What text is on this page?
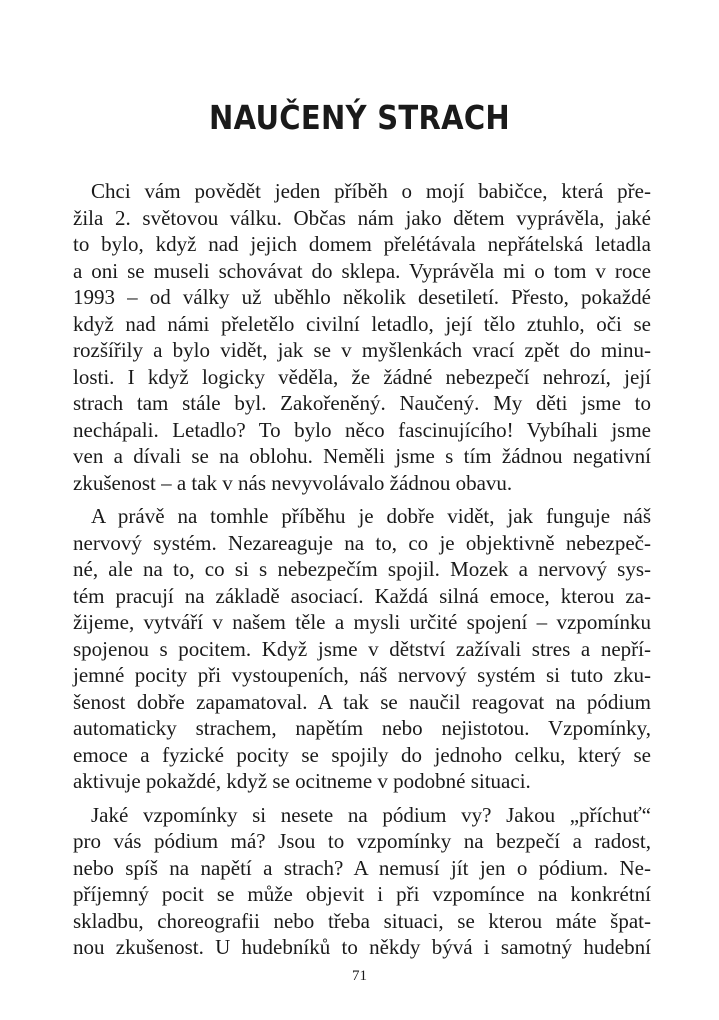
NAUČENÝ STRACH

Chci vám povědět jeden příběh o mojí babičce, která pře-
žila 2. světovou válku. Občas nám jako dětem vyprávěla, jaké
to bylo, když nad jejich domem přelétávala nepřátelská letadla
a oni se museli schovávat do sklepa. Vyprávěla mi o tom v roce
1993 – od války už uběhlo několik desetiletí. Přesto, pokaždé
když nad námi přeletělo civilní letadlo, její tělo ztuhlo, oči se
rozšířily a bylo vidět, jak se v myšlenkách vrací zpět do minu-
losti. I když logicky věděla, že žádné nebezpečí nehrozí, její
strach tam stále byl. Zakořeněný. Naučený. My děti jsme to
nechápali. Letadlo? To bylo něco fascinujícího! Vybíhali jsme
ven a dívali se na oblohu. Neměli jsme s tím žádnou negativní
zkušenost – a tak v nás nevyvolávalo žádnou obavu.

A právě na tomhle příběhu je dobře vidět, jak funguje náš
nervový systém. Nezareaguje na to, co je objektivně nebezpeč-
né, ale na to, co si s nebezpečím spojil. Mozek a nervový sys-
tém pracují na základě asociací. Každá silná emoce, kterou za-
žijeme, vytváří v našem těle a mysli určité spojení – vzpomínku
spojenou s pocitem. Když jsme v dětství zažívali stres a nepří-
jemné pocity při vystoupeních, náš nervový systém si tuto zku-
šenost dobře zapamatoval. A tak se naučil reagovat na pódium
automaticky strachem, napětím nebo nejistotou. Vzpomínky,
emoce a fyzické pocity se spojily do jednoho celku, který se
aktivuje pokaždé, když se ocitneme v podobné situaci.

Jaké vzpomínky si nesete na pódium vy? Jakou „příchuť“
pro vás pódium má? Jsou to vzpomínky na bezpečí a radost,
nebo spíš na napětí a strach? A nemusí jít jen o pódium. Ne-
příjemný pocit se může objevit i při vzpomínce na konkrétní
skladbu, choreografii nebo třeba situaci, se kterou máte špat-
nou zkušenost. U hudebníků to někdy bývá i samotný hudební

71
